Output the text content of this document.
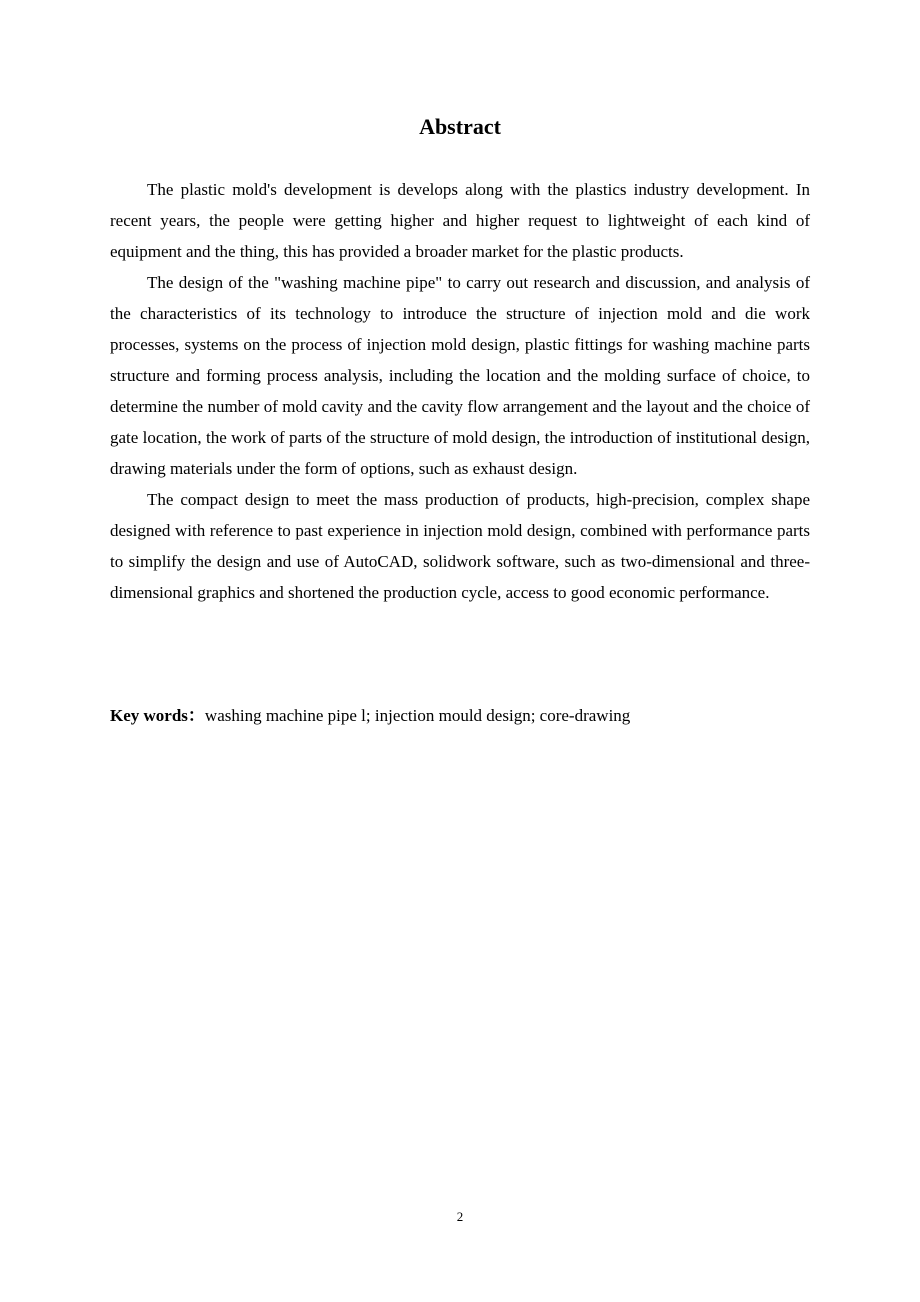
Abstract

The plastic mold's development is develops along with the plastics industry development. In recent years, the people were getting higher and higher request to lightweight of each kind of equipment and the thing, this has provided a broader market for the plastic products.

The design of the "washing machine pipe" to carry out research and discussion, and analysis of the characteristics of its technology to introduce the structure of injection mold and die work processes, systems on the process of injection mold design, plastic fittings for washing machine parts structure and forming process analysis, including the location and the molding surface of choice, to determine the number of mold cavity and the cavity flow arrangement and the layout and the choice of gate location, the work of parts of the structure of mold design, the introduction of institutional design, drawing materials under the form of options, such as exhaust design.

The compact design to meet the mass production of products, high-precision, complex shape designed with reference to past experience in injection mold design, combined with performance parts to simplify the design and use of AutoCAD, solidwork software, such as two-dimensional and three-dimensional graphics and shortened the production cycle, access to good economic performance.

Key words：washing machine pipe l; injection mould design; core-drawing

2
